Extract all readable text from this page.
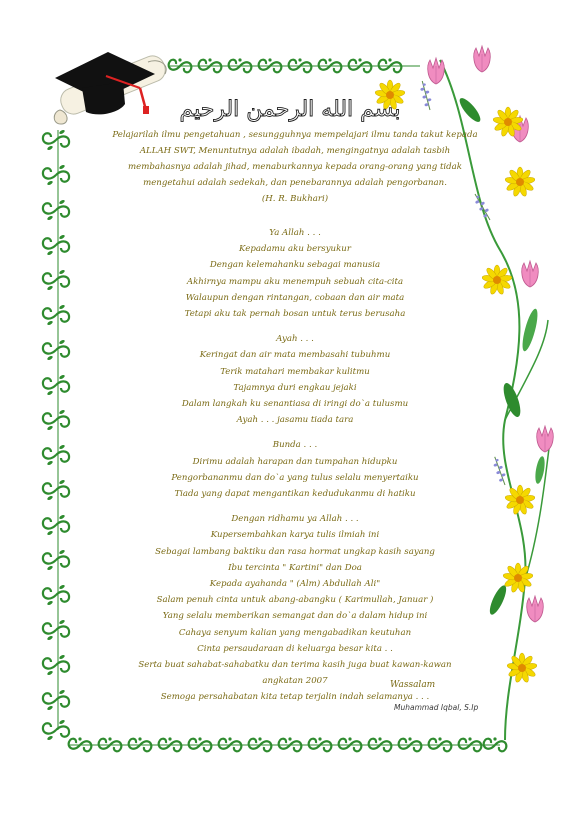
بسم الله الرحمن الرحيم

Pelajarilah ilmu pengetahuan , sesungguhnya mempelajari ilmu tanda takut kepada

ALLAH SWT, Menuntutnya adalah ibadah, mengingatnya adalah tasbih

membahasnya adalah jihad, menaburkannya kepada orang-orang yang tidak

mengetahui adalah sedekah, dan penebarannya adalah pengorbanan.

(H. R. Bukhari)

Ya Allah . . .
Kepadamu aku bersyukur
Dengan kelemahanku sebagai manusia
Akhirnya mampu aku menempuh sebuah cita-cita
Walaupun dengan rintangan, cobaan dan air mata
Tetapi aku tak pernah bosan untuk terus berusaha
Ayah . . .
Keringat dan air mata membasahi tubuhmu
Terik matahari membakar kulitmu
Tajamnya duri engkau jejaki
Dalam langkah ku senantiasa di iringi do`a tulusmu
Ayah . . . jasamu tiada tara
Bunda . . .
Dirimu adalah harapan dan tumpahan hidupku
Pengorbananmu dan do`a yang tulus selalu menyertaiku
Tiada yang dapat mengantikan kedudukanmu di hatiku
Dengan ridhamu ya Allah . . .
Kupersembahkan karya tulis ilmiah ini
Sebagai lambang baktiku dan rasa hormat ungkap kasih sayang
Ibu tercinta " Kartini" dan Doa
Kepada ayahanda " (Alm) Abdullah Ali"
Salam penuh cinta untuk abang-abangku ( Karimullah, Januar )
Yang selalu memberikan semangat dan do`a dalam hidup ini
Cahaya senyum kalian yang mengabadikan keutuhan
Cinta persaudaraan di keluarga besar kita . .
Serta buat sahabat-sahabatku dan terima kasih juga buat kawan-kawan
angkatan 2007
Semoga persahabatan kita tetap terjalin indah selamanya . . .
Wassalam
Muhammad Iqbal, S.Ip
